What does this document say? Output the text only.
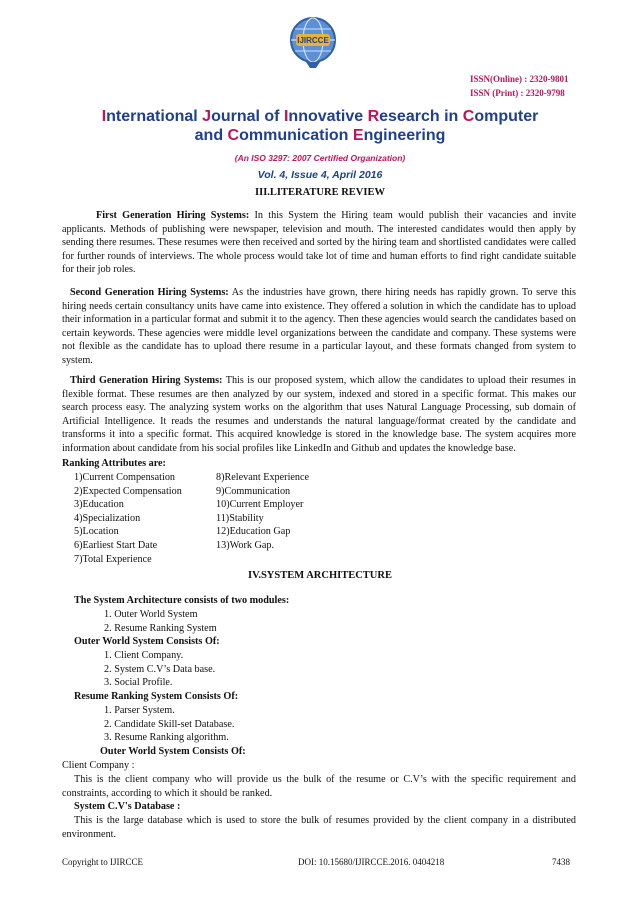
IJIRCCE
ISSN(Online) : 2320-9801
ISSN (Print) : 2320-9798
International Journal of Innovative Research in Computer
and Communication Engineering
(An ISO 3297: 2007 Certified Organization)
Vol. 4, Issue 4, April 2016
III.LITERATURE REVIEW
First Generation Hiring Systems: In this System the Hiring team would publish their vacancies and invite applicants. Methods of publishing were newspaper, television and mouth. The interested candidates would then apply by sending there resumes. These resumes were then received and sorted by the hiring team and shortlisted candidates were called for further rounds of interviews. The whole process would take lot of time and human efforts to find right candidate suitable for their job roles.
Second Generation Hiring Systems: As the industries have grown, there hiring needs has rapidly grown. To serve this hiring needs certain consultancy units have came into existence. They offered a solution in which the candidate has to upload their information in a particular format and submit it to the agency. Then these agencies would search the candidates based on certain keywords. These agencies were middle level organizations between the candidate and company. These systems were not flexible as the candidate has to upload there resume in a particular layout, and these formats changed from system to system.
Third Generation Hiring Systems: This is our proposed system, which allow the candidates to upload their resumes in flexible format. These resumes are then analyzed by our system, indexed and stored in a specific format. This makes our search process easy. The analyzing system works on the algorithm that uses Natural Language Processing, sub domain of Artificial Intelligence. It reads the resumes and understands the natural language/format created by the candidate and transforms it into a specific format. This acquired knowledge is stored in the knowledge base. The system acquires more information about candidate from his social profiles like LinkedIn and Github and updates the knowledge base.
Ranking Attributes are:
1)Current Compensation
2)Expected Compensation
3)Education
4)Specialization
5)Location
6)Earliest Start Date
7)Total Experience
8)Relevant Experience
9)Communication
10)Current Employer
11)Stability
12)Education Gap
13)Work Gap.
IV.SYSTEM ARCHITECTURE
The System Architecture consists of two modules:
1. Outer World System
2. Resume Ranking System
Outer World System Consists Of:
1. Client Company.
2. System C.V’s Data base.
3. Social Profile.
Resume Ranking System Consists Of:
1. Parser System.
2. Candidate Skill-set Database.
3. Resume Ranking algorithm.
Outer World System Consists Of:
Client Company :
This is the client company who will provide us the bulk of the resume or C.V’s with the specific requirement and constraints, according to which it should be ranked.
System C.V's Database :
This is the large database which is used to store the bulk of resumes provided by the client company in a distributed environment.
Copyright to IJIRCCE	DOI: 10.15680/IJIRCCE.2016. 0404218	7438
